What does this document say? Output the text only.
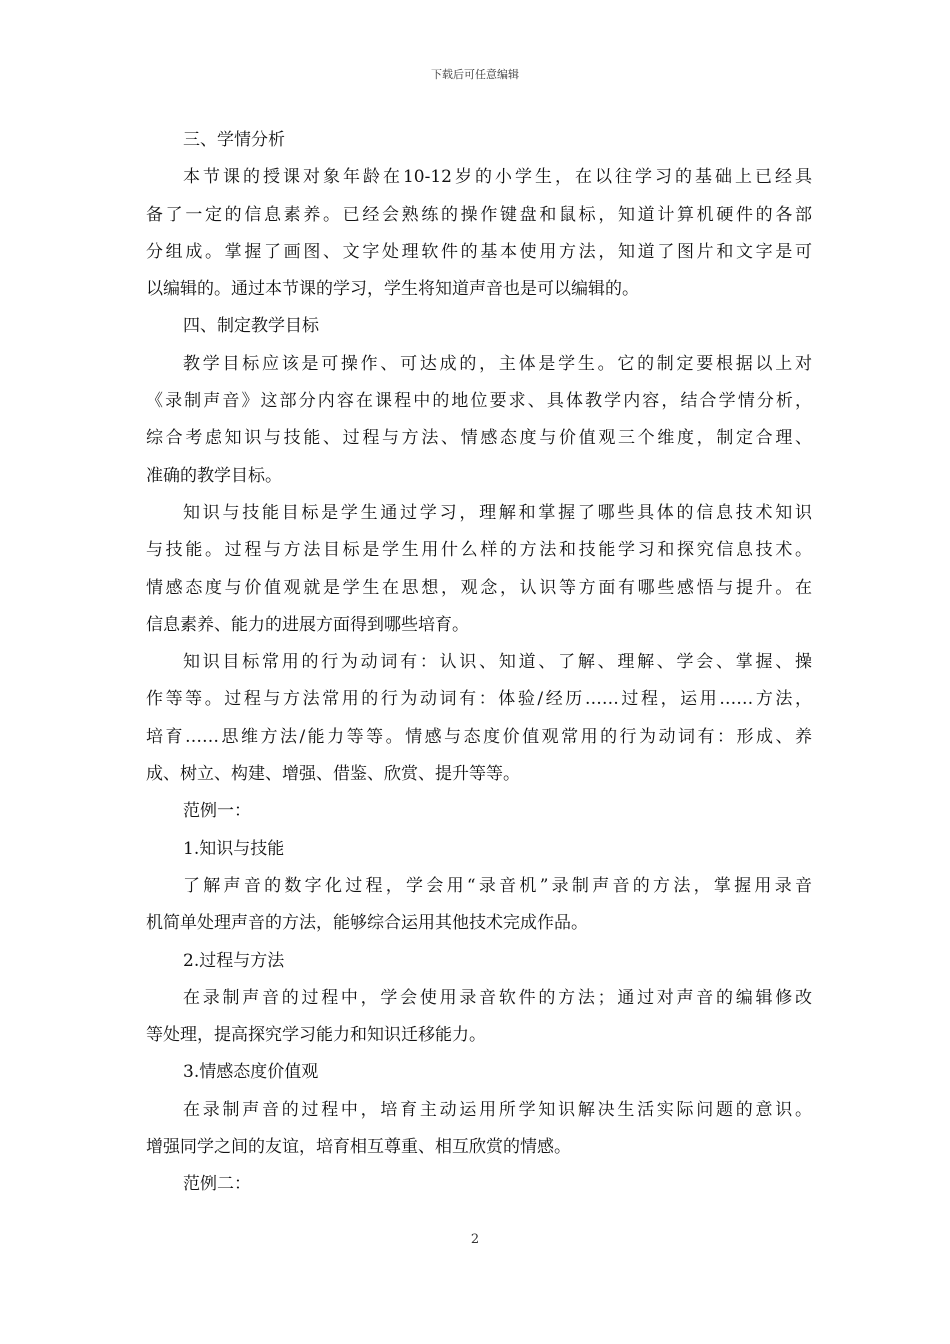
下载后可任意编辑
三、学情分析
本节课的授课对象年龄在10-12岁的小学生，在以往学习的基础上已经具
备了一定的信息素养。已经会熟练的操作键盘和鼠标，知道计算机硬件的各部
分组成。掌握了画图、文字处理软件的基本使用方法，知道了图片和文字是可
以编辑的。通过本节课的学习，学生将知道声音也是可以编辑的。
四、制定教学目标
教学目标应该是可操作、可达成的，主体是学生。它的制定要根据以上对
《录制声音》这部分内容在课程中的地位要求、具体教学内容，结合学情分析，
综合考虑知识与技能、过程与方法、情感态度与价值观三个维度，制定合理、
准确的教学目标。
知识与技能目标是学生通过学习，理解和掌握了哪些具体的信息技术知识
与技能。过程与方法目标是学生用什么样的方法和技能学习和探究信息技术。
情感态度与价值观就是学生在思想，观念，认识等方面有哪些感悟与提升。在
信息素养、能力的进展方面得到哪些培育。
知识目标常用的行为动词有：认识、知道、了解、理解、学会、掌握、操
作等等。过程与方法常用的行为动词有：体验/经历……过程，运用……方法，
培育……思维方法/能力等等。情感与态度价值观常用的行为动词有：形成、养
成、树立、构建、增强、借鉴、欣赏、提升等等。
范例一：
1.知识与技能
了解声音的数字化过程，学会用“录音机”录制声音的方法，掌握用录音
机简单处理声音的方法，能够综合运用其他技术完成作品。
2.过程与方法
在录制声音的过程中，学会使用录音软件的方法；通过对声音的编辑修改
等处理，提高探究学习能力和知识迁移能力。
3.情感态度价值观
在录制声音的过程中，培育主动运用所学知识解决生活实际问题的意识。
增强同学之间的友谊，培育相互尊重、相互欣赏的情感。
范例二：
2
